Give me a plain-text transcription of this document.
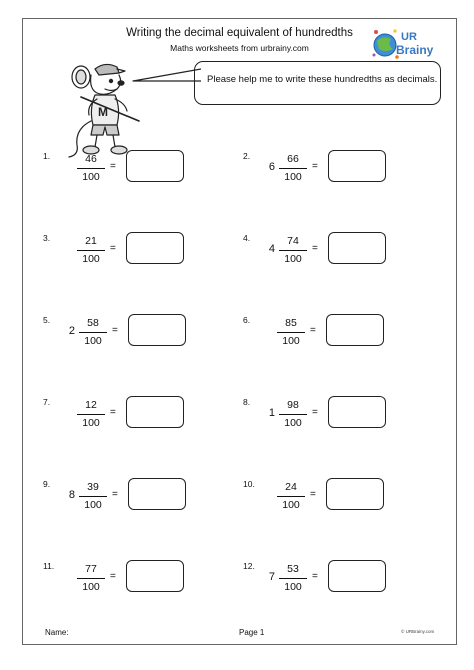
Writing the decimal equivalent of hundredths
Maths worksheets from urbrainy.com
UR
Brainy
M
Please help me to write these hundredths as decimals.
1.	46
100
=
2.
6
66
100
=
3.	21
100
=
4.
4
74
100
=
5.
2
58
100
=
6.	85
100
=
7.	12
100
=
8.
1
98
100
=
9.
8
39
100
=
10.	24
100
=
11.	77
100
=
12.
7
53
100
=
Name:	Page 1	© URBrainy.com
